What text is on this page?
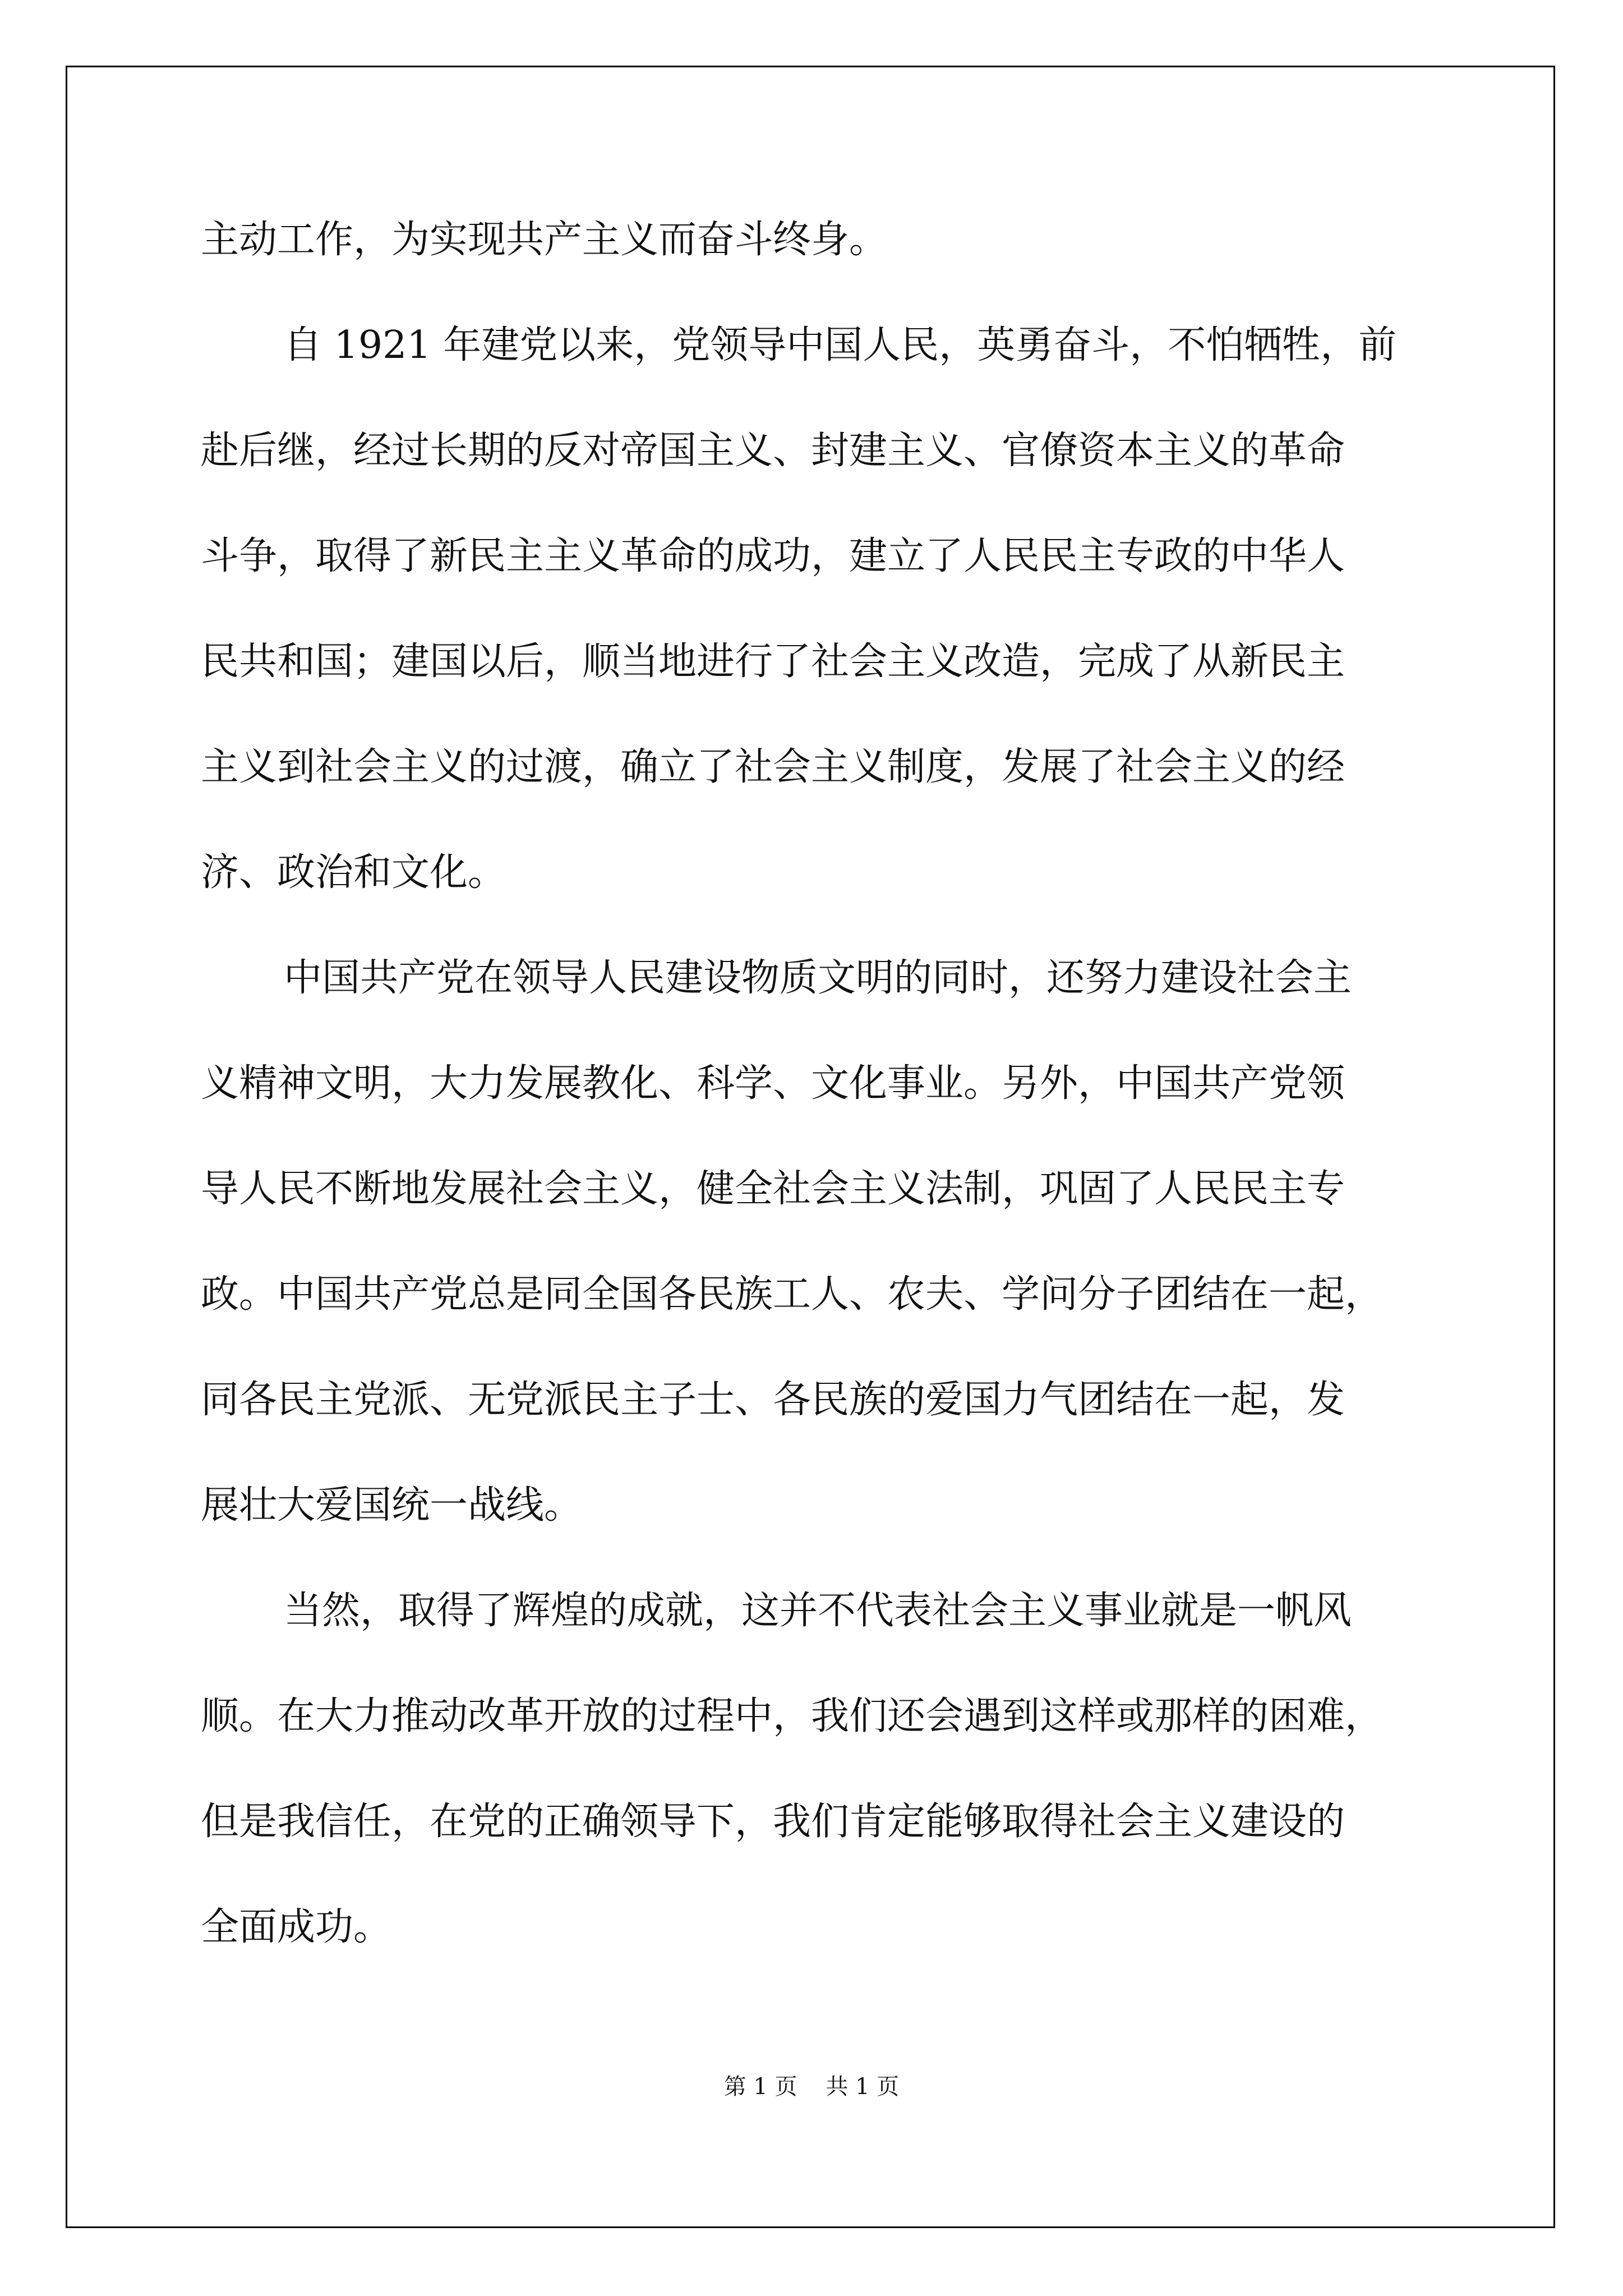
主动工作，为实现共产主义而奋斗终身。
自 1921 年建党以来，党领导中国人民，英勇奋斗，不怕牺牲，前
赴后继，经过长期的反对帝国主义、封建主义、官僚资本主义的革命
斗争，取得了新民主主义革命的成功，建立了人民民主专政的中华人
民共和国；建国以后，顺当地进行了社会主义改造，完成了从新民主
主义到社会主义的过渡，确立了社会主义制度，发展了社会主义的经
济、政治和文化。
中国共产党在领导人民建设物质文明的同时，还努力建设社会主
义精神文明，大力发展教化、科学、文化事业。另外，中国共产党领
导人民不断地发展社会主义，健全社会主义法制，巩固了人民民主专
政。中国共产党总是同全国各民族工人、农夫、学问分子团结在一起，
同各民主党派、无党派民主子士、各民族的爱国力气团结在一起，发
展壮大爱国统一战线。
当然，取得了辉煌的成就，这并不代表社会主义事业就是一帆风
顺。在大力推动改革开放的过程中，我们还会遇到这样或那样的困难，
但是我信任，在党的正确领导下，我们肯定能够取得社会主义建设的
全面成功。
第 1 页    共 1 页
